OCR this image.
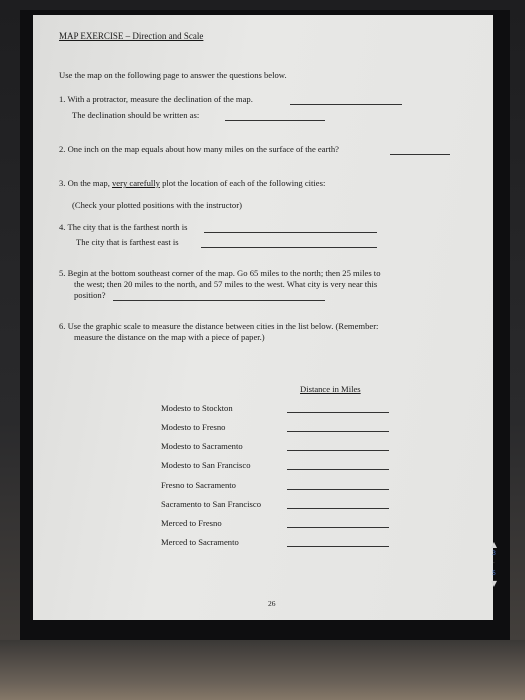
MAP EXERCISE – Direction and Scale
Use the map on the following page to answer the questions below.
1. With a protractor, measure the declination of the map.
The declination should be written as:
2. One inch on the map equals about how many miles on the surface of the earth?
3. On the map, very carefully plot the location of each of the following cities:
(Check your plotted positions with the instructor)
4. The city that is the farthest north is
The city that is farthest east is
5. Begin at the bottom southeast corner of the map. Go 65 miles to the north; then 25 miles to
the west; then 20 miles to the north, and 57 miles to the west. What city is very near this
position?
6. Use the graphic scale to measure the distance between cities in the list below. (Remember:
measure the distance on the map with a piece of paper.)
Distance in Miles
Modesto to Stockton
Modesto to Fresno
Modesto to Sacramento
Modesto to San Francisco
Fresno to Sacramento
Sacramento to San Francisco
Merced to Fresno
Merced to Sacramento
26
▲
3
·
5
▼
